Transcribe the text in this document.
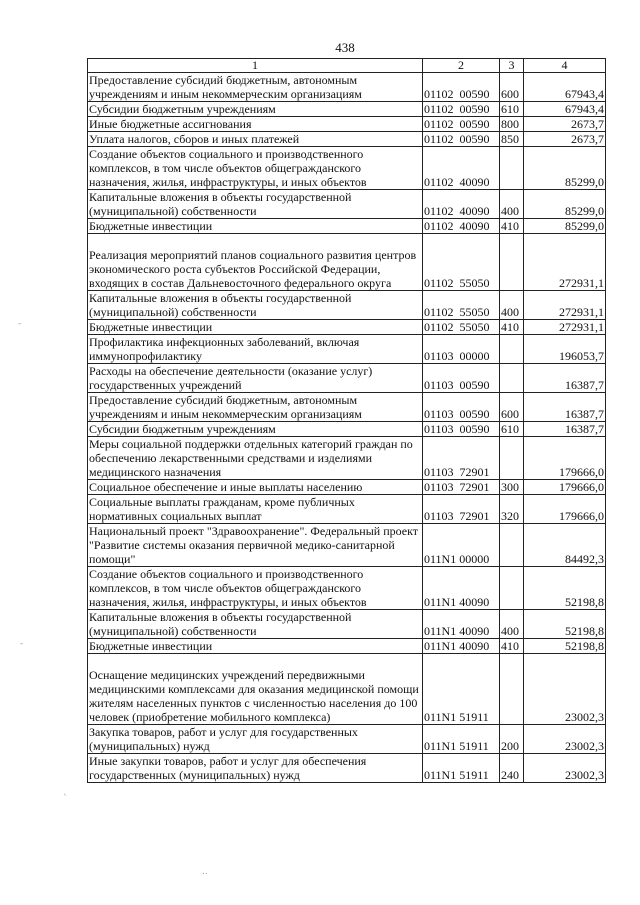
438
1	2	3	4
Предоставление субсидий бюджетным, автономным учреждениям и иным некоммерческим организациям	01102  00590	600	67943,4
Субсидии бюджетным учреждениям	01102  00590	610	67943,4
Иные бюджетные ассигнования	01102  00590	800	2673,7
Уплата налогов, сборов и иных платежей	01102  00590	850	2673,7
Создание объектов социального и производственного комплексов, в том числе объектов общегражданского назначения, жилья, инфраструктуры, и иных объектов	01102  40090		85299,0
Капитальные вложения в объекты государственной (муниципальной) собственности	01102  40090	400	85299,0
Бюджетные инвестиции	01102  40090	410	85299,0
Реализация мероприятий планов социального развития центров экономического роста субъектов Российской Федерации, входящих в состав Дальневосточного федерального округа	01102  55050		272931,1
Капитальные вложения в объекты государственной (муниципальной) собственности	01102  55050	400	272931,1
Бюджетные инвестиции	01102  55050	410	272931,1
Профилактика инфекционных заболеваний, включая иммунопрофилактику	01103  00000		196053,7
Расходы на обеспечение деятельности (оказание услуг) государственных учреждений	01103  00590		16387,7
Предоставление субсидий бюджетным, автономным учреждениям и иным некоммерческим организациям	01103  00590	600	16387,7
Субсидии бюджетным учреждениям	01103  00590	610	16387,7
Меры социальной поддержки отдельных категорий граждан по обеспечению лекарственными средствами и изделиями медицинского назначения	01103  72901		179666,0
Социальное обеспечение и иные выплаты населению	01103  72901	300	179666,0
Социальные выплаты гражданам, кроме публичных нормативных социальных выплат	01103  72901	320	179666,0
Национальный проект "Здравоохранение". Федеральный проект "Развитие системы оказания первичной медико-санитарной помощи"	011N1 00000		84492,3
Создание объектов социального и производственного комплексов, в том числе объектов общегражданского назначения, жилья, инфраструктуры, и иных объектов	011N1 40090		52198,8
Капитальные вложения в объекты государственной (муниципальной) собственности	011N1 40090	400	52198,8
Бюджетные инвестиции	011N1 40090	410	52198,8
Оснащение медицинских учреждений передвижными медицинскими комплексами для оказания медицинской помощи жителям населенных пунктов с численностью населения до 100 человек (приобретение мобильного комплекса)	011N1 51911		23002,3
Закупка товаров, работ и услуг для государственных (муниципальных) нужд	011N1 51911	200	23002,3
Иные закупки товаров, работ и услуг для обеспечения государственных (муниципальных) нужд	011N1 51911	240	23002,3
-
-
`
..
